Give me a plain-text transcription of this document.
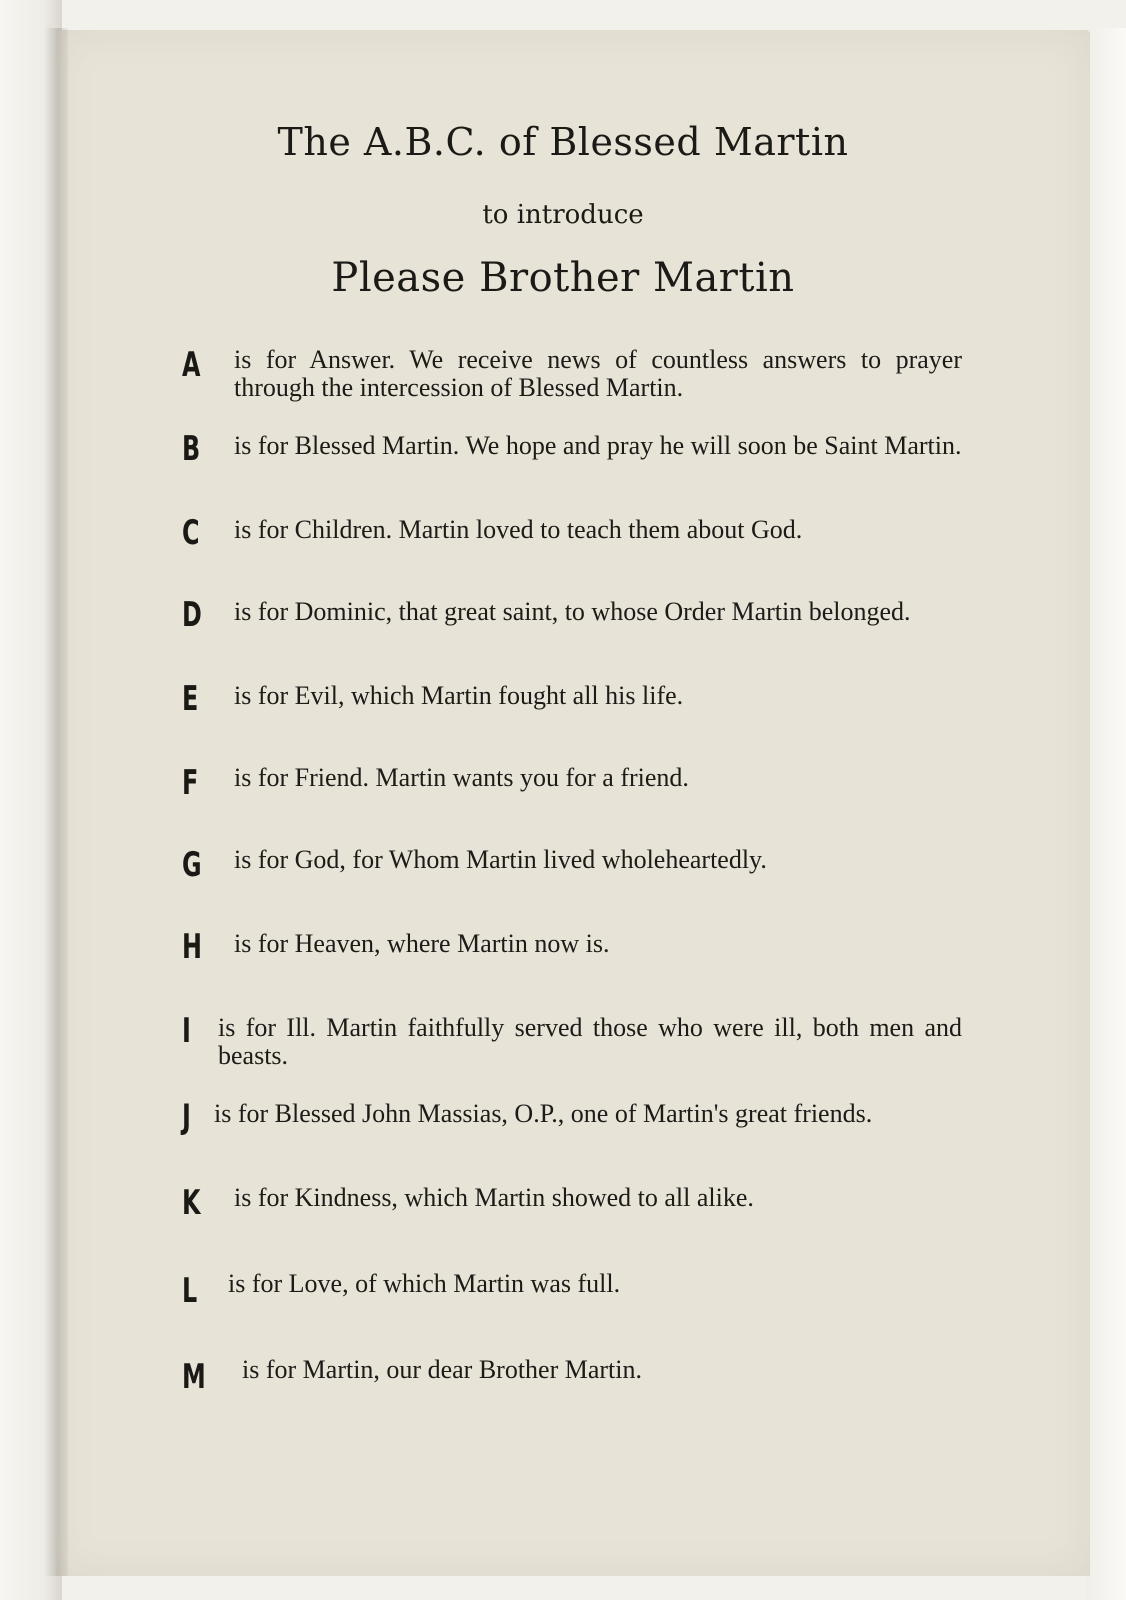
The A.B.C. of Blessed Martin
to introduce
Please Brother Martin
A is for Answer. We receive news of countless answers to prayer through the intercession of Blessed Martin.
B is for Blessed Martin. We hope and pray he will soon be Saint Martin.
C is for Children. Martin loved to teach them about God.
D is for Dominic, that great saint, to whose Order Martin belonged.
E is for Evil, which Martin fought all his life.
F is for Friend. Martin wants you for a friend.
G is for God, for Whom Martin lived wholeheartedly.
H is for Heaven, where Martin now is.
I is for Ill. Martin faithfully served those who were ill, both men and beasts.
J is for Blessed John Massias, O.P., one of Martin's great friends.
K is for Kindness, which Martin showed to all alike.
L is for Love, of which Martin was full.
M is for Martin, our dear Brother Martin.
